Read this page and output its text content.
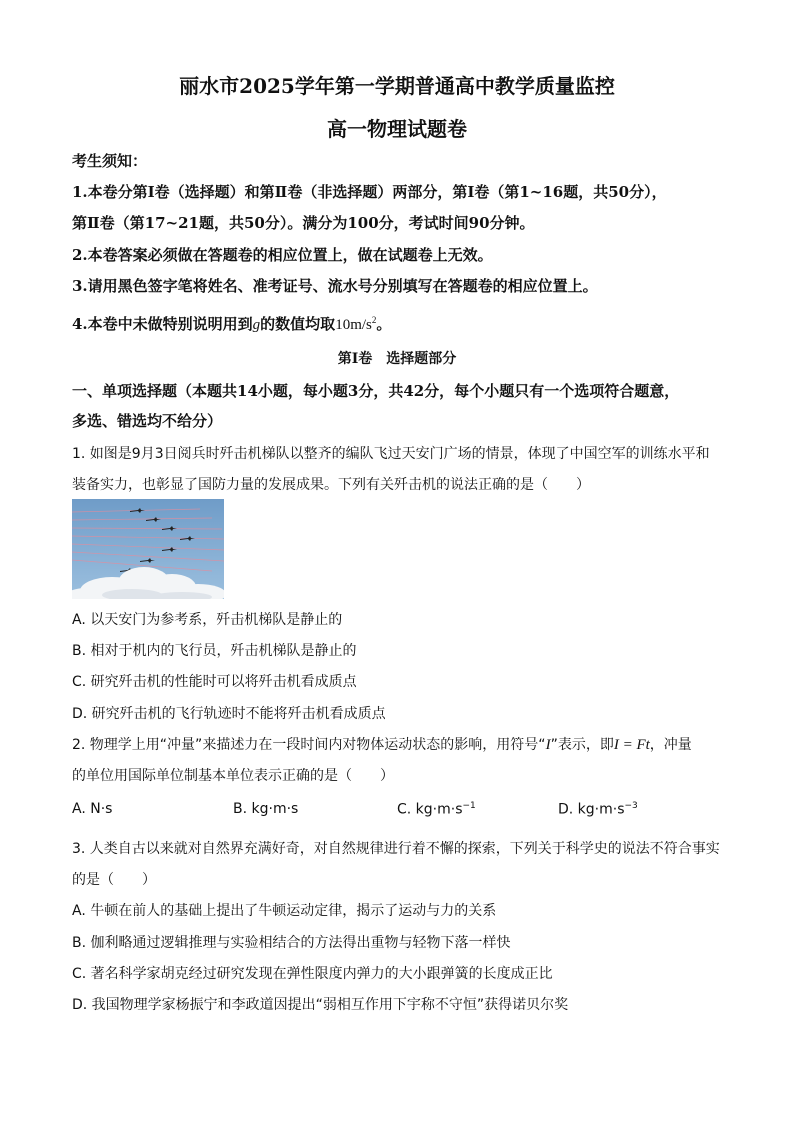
丽水市2025学年第一学期普通高中教学质量监控
高一物理试题卷
考生须知：
1.本卷分第Ⅰ卷（选择题）和第Ⅱ卷（非选择题）两部分，第Ⅰ卷（第1~16题，共50分），
第Ⅱ卷（第17~21题，共50分）。满分为100分，考试时间90分钟。
2.本卷答案必须做在答题卷的相应位置上，做在试题卷上无效。
3.请用黑色签字笔将姓名、准考证号、流水号分别填写在答题卷的相应位置上。
4.本卷中未做特别说明用到g的数值均取$10m/s^2$。
第Ⅰ卷　选择题部分
一、单项选择题（本题共14小题，每小题3分，共42分，每个小题只有一个选项符合题意，
多选、错选均不给分）
1. 如图是9月3日阅兵时歼击机梯队以整齐的编队飞过天安门广场的情景，体现了中国空军的训练水平和
装备实力，也彰显了国防力量的发展成果。下列有关歼击机的说法正确的是（　　）
A. 以天安门为参考系，歼击机梯队是静止的
B. 相对于机内的飞行员，歼击机梯队是静止的
C. 研究歼击机的性能时可以将歼击机看成质点
D. 研究歼击机的飞行轨迹时不能将歼击机看成质点
2. 物理学上用“冲量”来描述力在一段时间内对物体运动状态的影响，用符号“I”表示，即I = Ft，冲量
的单位用国际单位制基本单位表示正确的是（　　）
A. N·s	B. kg·m·s	C. $kg\cdot m\cdot s^{-1}$	D. $kg\cdot m\cdot s^{-3}$
3. 人类自古以来就对自然界充满好奇，对自然规律进行着不懈的探索，下列关于科学史的说法不符合事实
的是（　　）
A. 牛顿在前人的基础上提出了牛顿运动定律，揭示了运动与力的关系
B. 伽利略通过逻辑推理与实验相结合的方法得出重物与轻物下落一样快
C. 著名科学家胡克经过研究发现在弹性限度内弹力的大小跟弹簧的长度成正比
D. 我国物理学家杨振宁和李政道因提出“弱相互作用下宇称不守恒”获得诺贝尔奖
